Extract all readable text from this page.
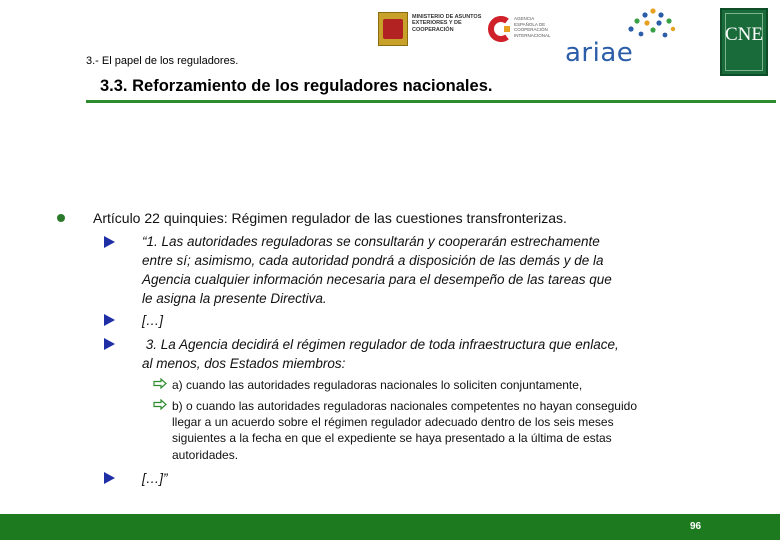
MINISTERIO DE ASUNTOS EXTERIORES Y DE COOPERACIÓN
AGENCIA ESPAÑOLA DE COOPERACIÓN INTERNACIONAL
ariae
CNE
3.- El papel de los reguladores.
3.3. Reforzamiento de los reguladores nacionales.
Artículo 22 quinquies: Régimen regulador de las cuestiones transfronterizas.
“1. Las autoridades reguladoras se consultarán y cooperarán estrechamente
entre sí; asimismo, cada autoridad pondrá a disposición de las demás y de la
Agencia cualquier información necesaria para el desempeño de las tareas que
le asigna la presente Directiva.
[…]
3. La Agencia decidirá el régimen regulador de toda infraestructura que enlace,
al menos, dos Estados miembros:
a) cuando las autoridades reguladoras nacionales lo soliciten conjuntamente,
b) o cuando las autoridades reguladoras nacionales competentes no hayan conseguido
llegar a un acuerdo sobre el régimen regulador adecuado dentro de los seis meses
siguientes a la fecha en que el expediente se haya presentado a la última de estas
autoridades.
[…]”
96
